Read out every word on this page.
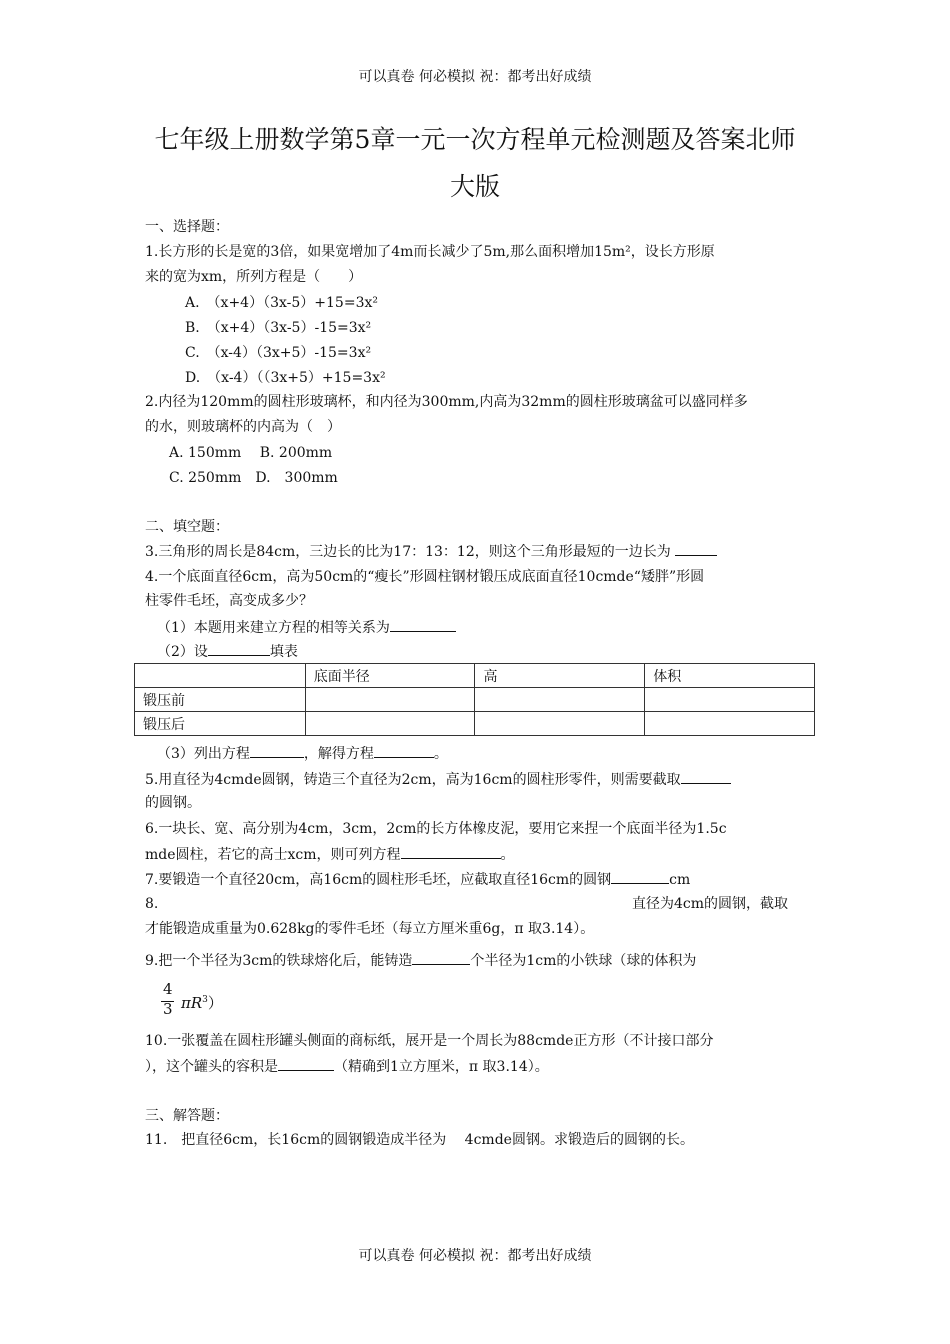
可以真卷 何必模拟 祝：都考出好成绩
七年级上册数学第5章一元一次方程单元检测题及答案北师
大版
一、选择题：
1.长方形的长是宽的3倍，如果宽增加了4m而长减少了5m,那么面积增加15m²，设长方形原
来的宽为xm，所列方程是（　　）
A.　（x+4）（3x-5）+15=3x²
B.　（x+4）（3x-5）-15=3x²
C.　（x-4）（3x+5）-15=3x²
D.　（x-4）（（3x+5）+15=3x²
2.内径为120mm的圆柱形玻璃杯，和内径为300mm,内高为32mm的圆柱形玻璃盆可以盛同样多
的水，则玻璃杯的内高为（　）
A. 150mm　 B. 200mm
C. 250mm　D.　300mm
二、填空题：
3.三角形的周长是84cm，三边长的比为17：13：12，则这个三角形最短的一边长为
4.一个底面直径6cm，高为50cm的“瘦长”形圆柱钢材锻压成底面直径10cmde“矮胖”形圆
柱零件毛坯，高变成多少？
（1）本题用来建立方程的相等关系为
（2）设	填表
	底面半径	高	体积
锻压前			
锻压后			
（3）列出方程	，解得方程	。
5.用直径为4cmde圆钢，铸造三个直径为2cm，高为16cm的圆柱形零件，则需要截取
的圆钢。
6.一块长、宽、高分别为4cm，3cm，2cm的长方体橡皮泥，要用它来捏一个底面半径为1.5c
mde圆柱，若它的高士xcm，则可列方程	。
7.要锻造一个直径20cm，高16cm的圆柱形毛坯，应截取直径16cm的圆钢	cm
8.	直径为4cm的圆钢，截取
才能锻造成重量为0.628kg的零件毛坯（每立方厘米重6g，π 取3.14）。
9.把一个半径为3cm的铁球熔化后，能铸造	个半径为1cm的小铁球（球的体积为
4
3 $\pi R^3$）
10.一张覆盖在圆柱形罐头侧面的商标纸，展开是一个周长为88cmde正方形（不计接口部分
），这个罐头的容积是	（精确到1立方厘米，π 取3.14）。
三、解答题：
11.　把直径6cm，长16cm的圆钢锻造成半径为　 4cmde圆钢。求锻造后的圆钢的长。
可以真卷 何必模拟 祝：都考出好成绩
